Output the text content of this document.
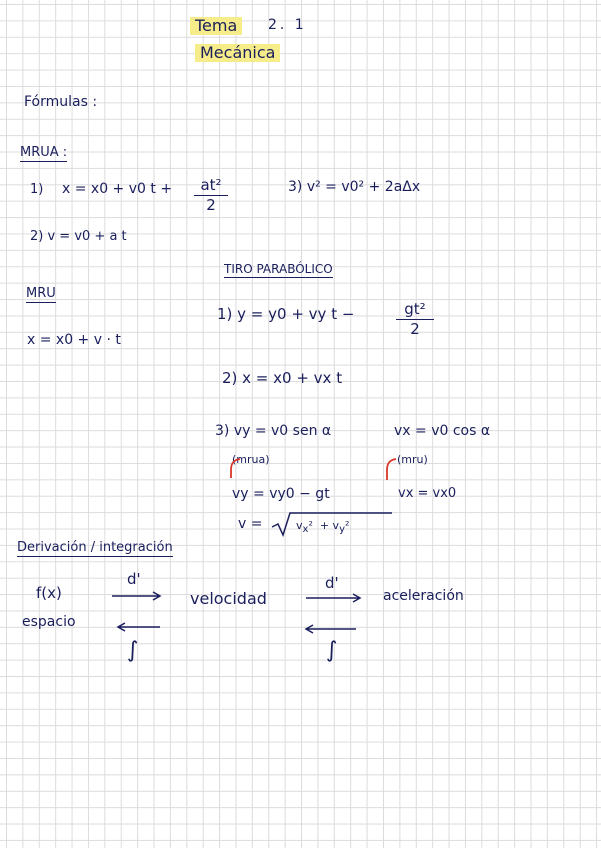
Tema	2. 1
Mecánica
Fórmulas :
MRUA :
1) x = x0 + v0 $t + \frac{\text{at²}}{2}$	3) v² = v0² + 2aΔx
2) v = v0 + a t
MRU
x = x0 + v · t
TIRO PARABÓLICO
1) y = y0 + vy t −	$\frac{\text{gt²}}{2}$
2) x = x0 + vx t
3) vy = v0 sen α	vx = v0 cos α
(mrua)	(mru)
vy = vy0 − gt	vx = vx0
v =	vx²  + vy²
Derivación / integración
f(x)
espacio
d'
velocidad
d'
aceleración
∫	∫
